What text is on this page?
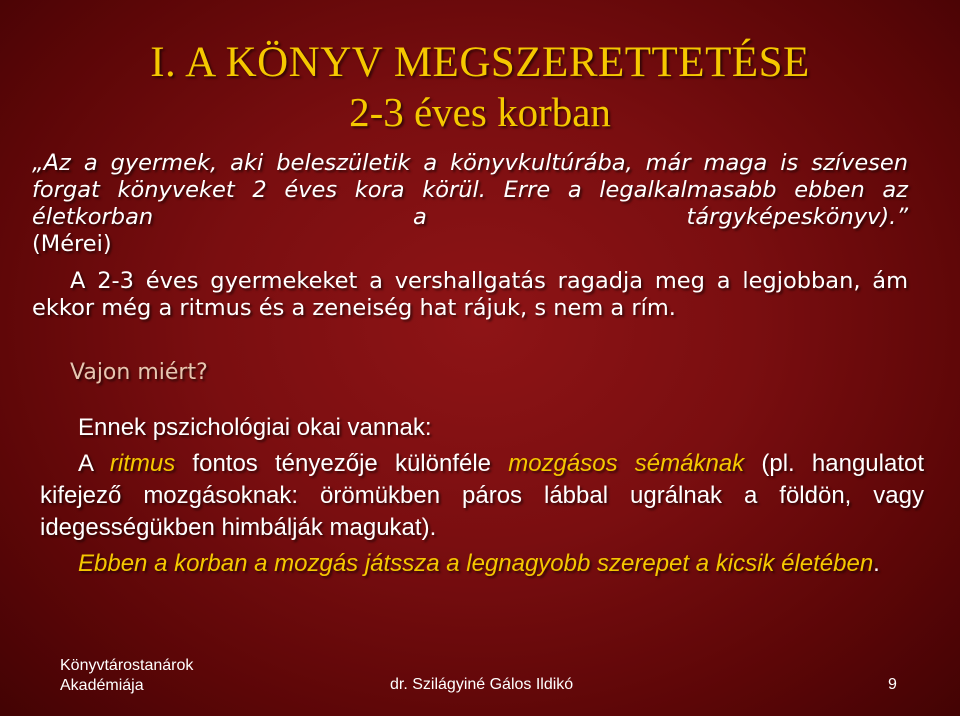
I. A KÖNYV MEGSZERETTETÉSE
2-3 éves korban
„Az a gyermek, aki beleszületik a könyvkultúrába, már maga is szívesen forgat könyveket 2 éves kora körül. Erre a legalkalmasabb ebben az életkorban a tárgyképeskönyv).”
(Mérei)
A 2-3 éves gyermekeket a vershallgatás ragadja meg a legjobban, ám ekkor még a ritmus és a zeneiség hat rájuk, s nem a rím.
Vajon miért?
Ennek pszichológiai okai vannak:
A ritmus fontos tényezője különféle mozgásos sémáknak (pl. hangulatot kifejező mozgásoknak: örömükben páros lábbal ugrálnak a földön, vagy idegességükben himbálják magukat).
Ebben a korban a mozgás játssza a legnagyobb szerepet a kicsik életében.
Könyvtárostanárok
Akadémiája	dr. Szilágyiné Gálos Ildikó	9
